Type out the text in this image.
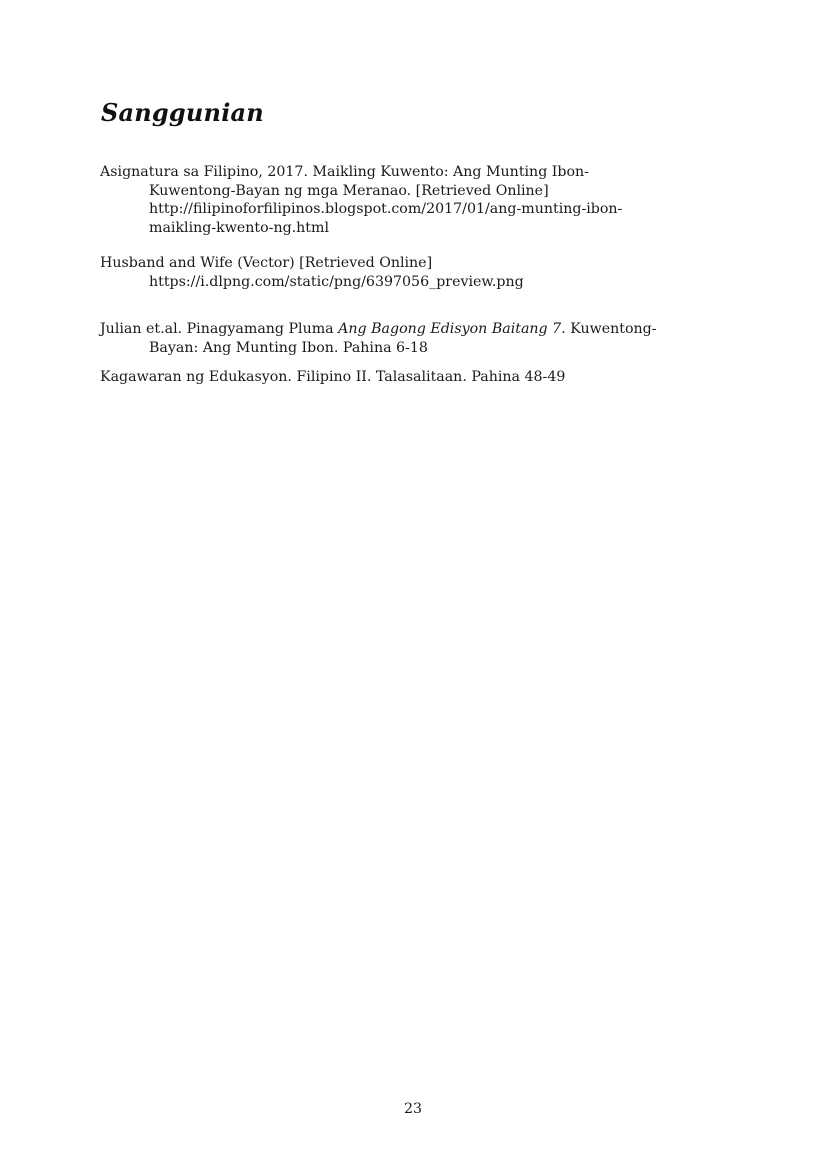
Sanggunian

Asignatura sa Filipino, 2017. Maikling Kuwento: Ang Munting Ibon-
Kuwentong-Bayan ng mga Meranao. [Retrieved Online]
http://filipinoforfilipinos.blogspot.com/2017/01/ang-munting-ibon-
maikling-kwento-ng.html

Husband and Wife (Vector) [Retrieved Online]
https://i.dlpng.com/static/png/6397056_preview.png

Julian et.al. Pinagyamang Pluma Ang Bagong Edisyon Baitang 7. Kuwentong-
Bayan: Ang Munting Ibon. Pahina 6-18

Kagawaran ng Edukasyon. Filipino II. Talasalitaan. Pahina 48-49

23
